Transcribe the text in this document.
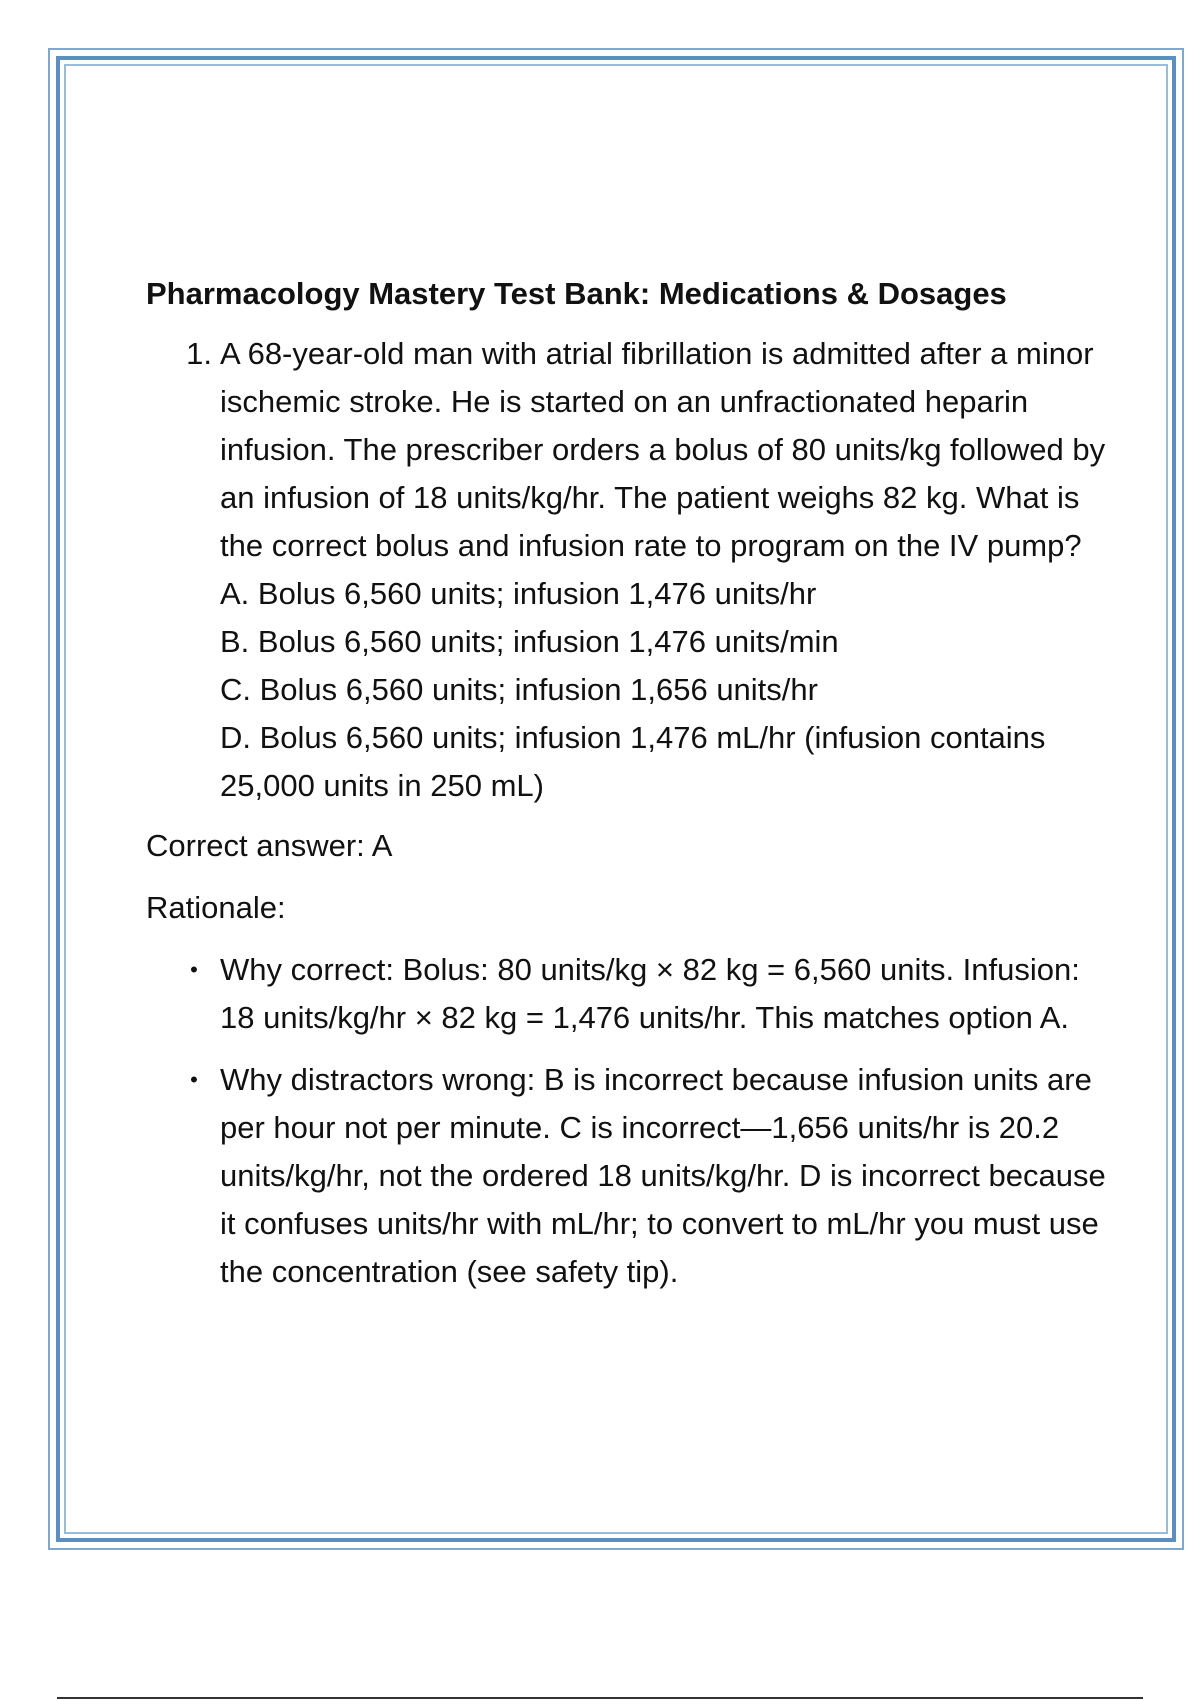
Pharmacology Mastery Test Bank: Medications & Dosages

1. A 68-year-old man with atrial fibrillation is admitted after a minor ischemic stroke. He is started on an unfractionated heparin infusion. The prescriber orders a bolus of 80 units/kg followed by an infusion of 18 units/kg/hr. The patient weighs 82 kg. What is the correct bolus and infusion rate to program on the IV pump?

A. Bolus 6,560 units; infusion 1,476 units/hr

B. Bolus 6,560 units; infusion 1,476 units/min

C. Bolus 6,560 units; infusion 1,656 units/hr

D. Bolus 6,560 units; infusion 1,476 mL/hr (infusion contains 25,000 units in 250 mL)

Correct answer: A

Rationale:

• Why correct: Bolus: 80 units/kg × 82 kg = 6,560 units. Infusion: 18 units/kg/hr × 82 kg = 1,476 units/hr. This matches option A.
• Why distractors wrong: B is incorrect because infusion units are per hour not per minute. C is incorrect—1,656 units/hr is 20.2 units/kg/hr, not the ordered 18 units/kg/hr. D is incorrect because it confuses units/hr with mL/hr; to convert to mL/hr you must use the concentration (see safety tip).
